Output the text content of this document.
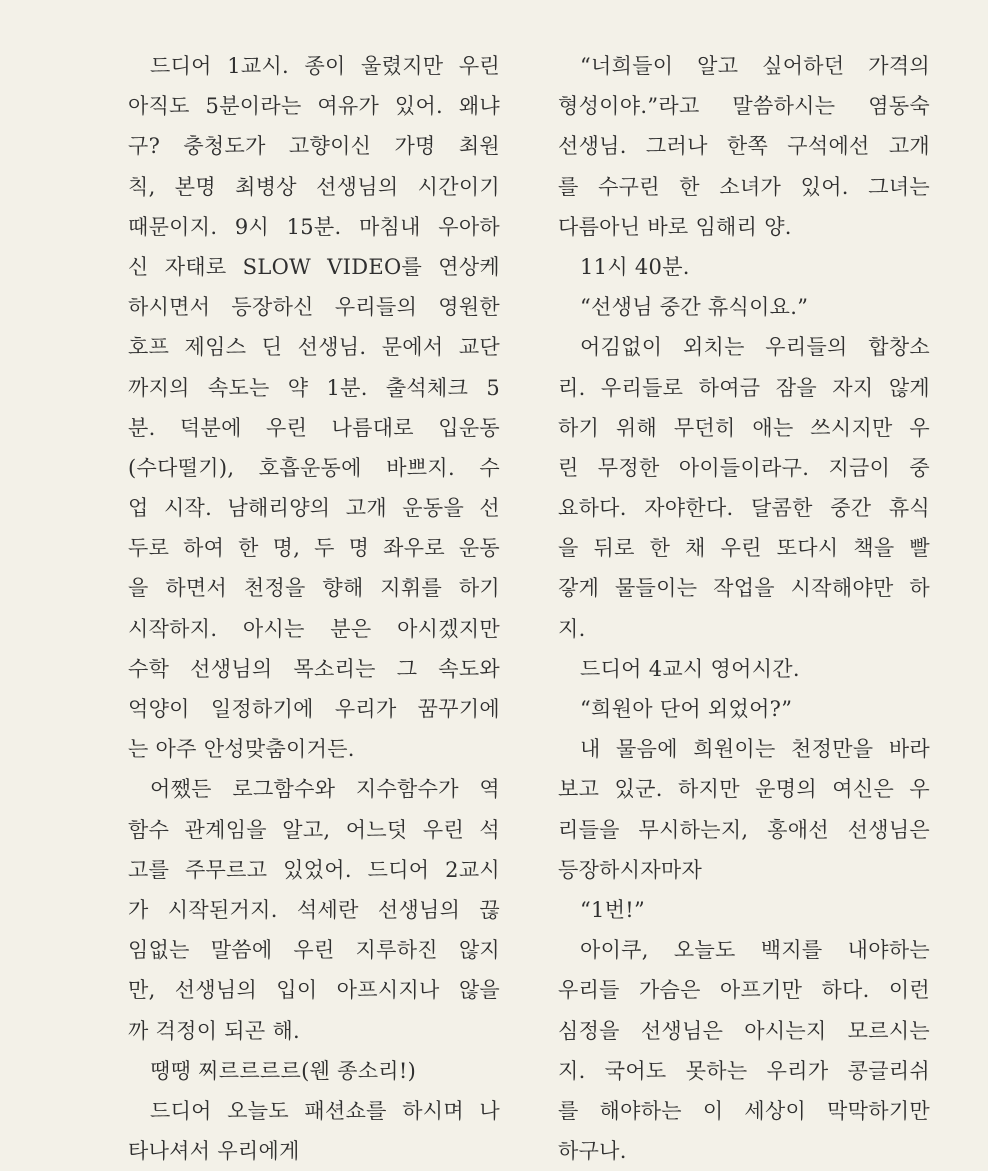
드디어 1교시. 종이 울렸지만 우린
아직도 5분이라는 여유가 있어. 왜냐
구? 충청도가 고향이신 가명 최원
칙, 본명 최병상 선생님의 시간이기
때문이지. 9시 15분. 마침내 우아하
신 자태로 SLOW VIDEO를 연상케
하시면서 등장하신 우리들의 영원한
호프 제임스 딘 선생님. 문에서 교단
까지의 속도는 약 1분. 출석체크 5
분. 덕분에 우린 나름대로 입운동
(수다떨기), 호흡운동에 바쁘지. 수
업 시작. 남해리양의 고개 운동을 선
두로 하여 한 명, 두 명 좌우로 운동
을 하면서 천정을 향해 지휘를 하기
시작하지. 아시는 분은 아시겠지만
수학 선생님의 목소리는 그 속도와
억양이 일정하기에 우리가 꿈꾸기에
는 아주 안성맞춤이거든.
어쨌든 로그함수와 지수함수가 역
함수 관계임을 알고, 어느덧 우린 석
고를 주무르고 있었어. 드디어 2교시
가 시작된거지. 석세란 선생님의 끊
임없는 말씀에 우린 지루하진 않지
만, 선생님의 입이 아프시지나 않을
까 걱정이 되곤 해.
땡땡 찌르르르르(웬 종소리!)
드디어 오늘도 패션쇼를 하시며 나
타나셔서 우리에게
“너희들이 알고 싶어하던 가격의
형성이야.”라고 말씀하시는 염동숙
선생님. 그러나 한쪽 구석에선 고개
를 수구린 한 소녀가 있어. 그녀는
다름아닌 바로 임해리 양.
11시 40분.
“선생님 중간 휴식이요.”
어김없이 외치는 우리들의 합창소
리. 우리들로 하여금 잠을 자지 않게
하기 위해 무던히 애는 쓰시지만 우
린 무정한 아이들이라구. 지금이 중
요하다. 자야한다. 달콤한 중간 휴식
을 뒤로 한 채 우린 또다시 책을 빨
갛게 물들이는 작업을 시작해야만 하
지.
드디어 4교시 영어시간.
“희원아 단어 외었어?”
내 물음에 희원이는 천정만을 바라
보고 있군. 하지만 운명의 여신은 우
리들을 무시하는지, 홍애선 선생님은
등장하시자마자
“1번!”
아이쿠, 오늘도 백지를 내야하는
우리들 가슴은 아프기만 하다. 이런
심정을 선생님은 아시는지 모르시는
지. 국어도 못하는 우리가 콩글리쉬
를 해야하는 이 세상이 막막하기만
하구나.
